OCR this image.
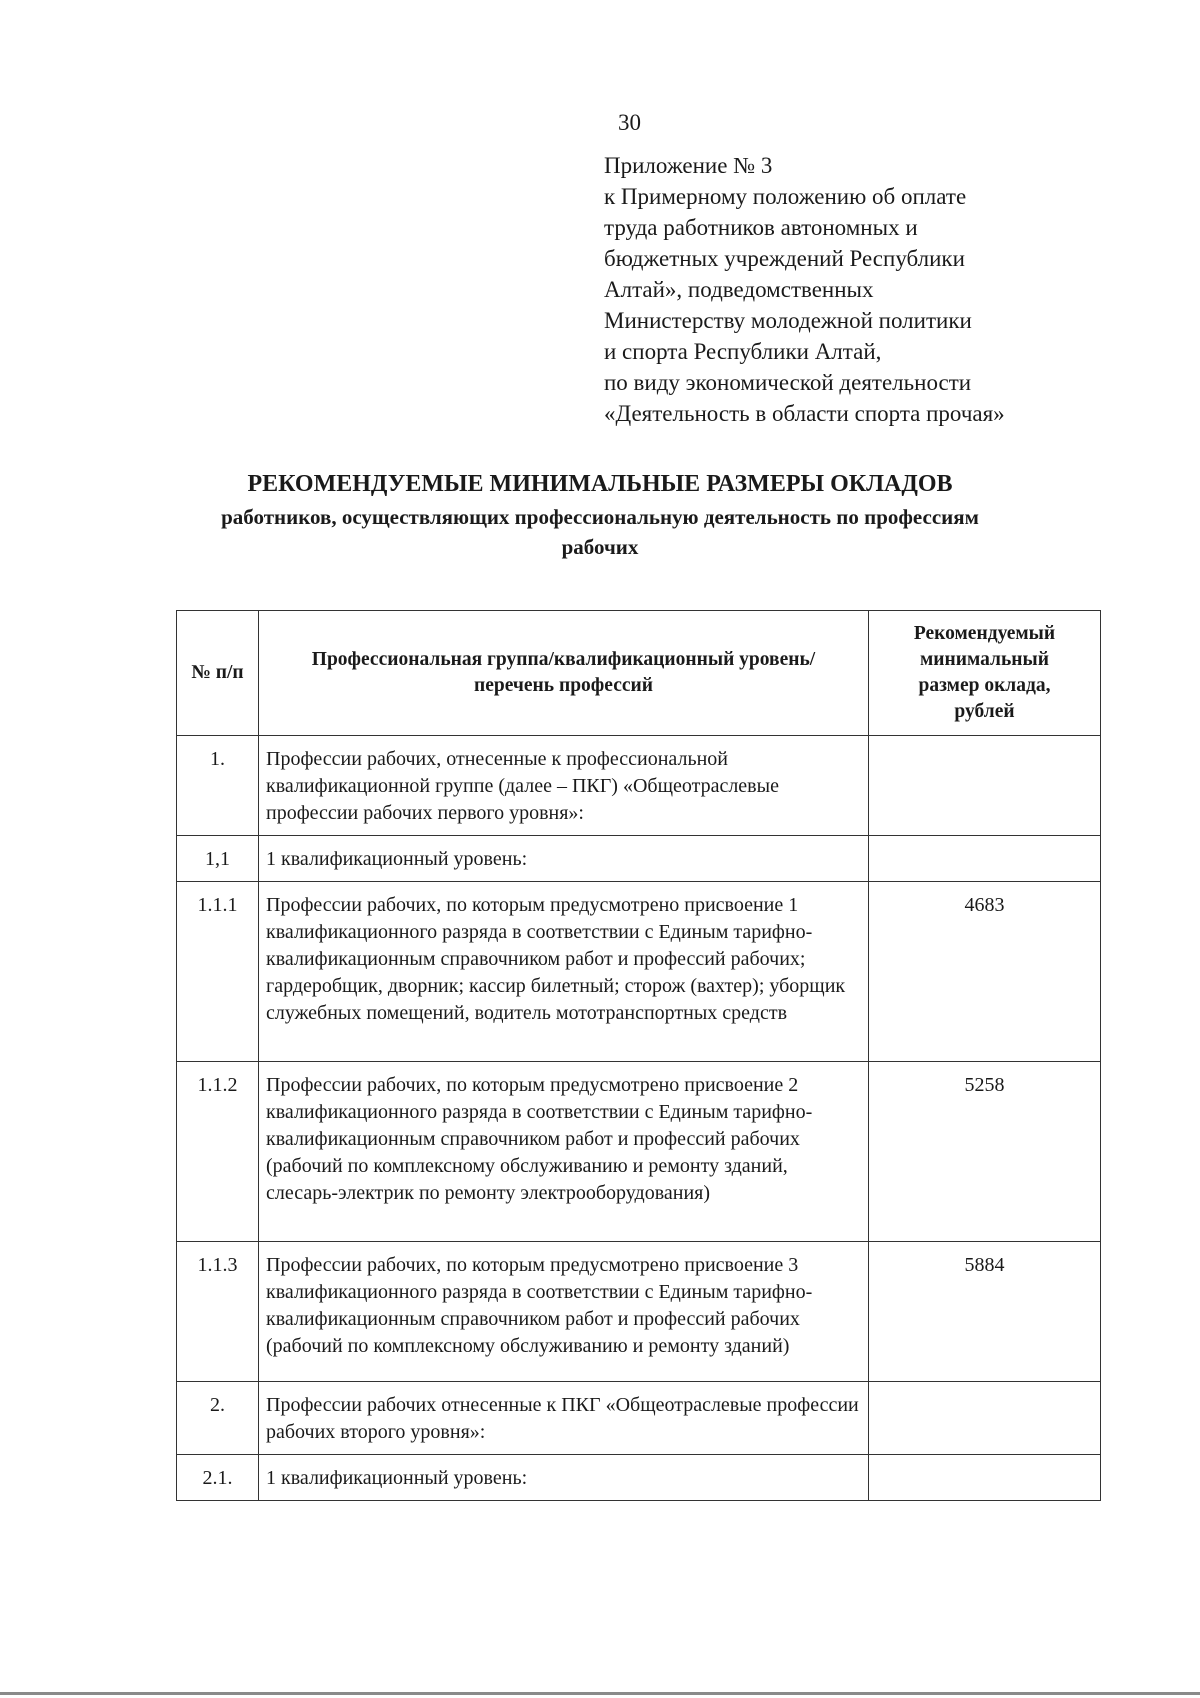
30
Приложение № 3
к Примерному положению об оплате
труда работников автономных и
бюджетных учреждений Республики
Алтай», подведомственных
Министерству молодежной политики
и спорта Республики Алтай,
по виду экономической деятельности
«Деятельность в области спорта прочая»
РЕКОМЕНДУЕМЫЕ МИНИМАЛЬНЫЕ РАЗМЕРЫ ОКЛАДОВ
работников, осуществляющих профессиональную деятельность по профессиям рабочих
№ п/п	Профессиональная группа/квалификационный уровень/перечень профессий	Рекомендуемый минимальный размер оклада, рублей
1.	Профессии рабочих, отнесенные к профессиональной квалификационной группе (далее – ПКГ) «Общеотраслевые профессии рабочих первого уровня»:	
1,1	1 квалификационный уровень:	
1.1.1	Профессии рабочих, по которым предусмотрено присвоение 1 квалификационного разряда в соответствии с Единым тарифно-квалификационным справочником работ и профессий рабочих; гардеробщик, дворник; кассир билетный; сторож (вахтер); уборщик служебных помещений, водитель мототранспортных средств	4683
1.1.2	Профессии рабочих, по которым предусмотрено присвоение 2 квалификационного разряда в соответствии с Единым тарифно-квалификационным справочником работ и профессий рабочих (рабочий по комплексному обслуживанию и ремонту зданий, слесарь-электрик по ремонту электрооборудования)	5258
1.1.3	Профессии рабочих, по которым предусмотрено присвоение 3 квалификационного разряда в соответствии с Единым тарифно-квалификационным справочником работ и профессий рабочих (рабочий по комплексному обслуживанию и ремонту зданий)	5884
2.	Профессии рабочих отнесенные к ПКГ «Общеотраслевые профессии рабочих второго уровня»:	
2.1.	1 квалификационный уровень:	
